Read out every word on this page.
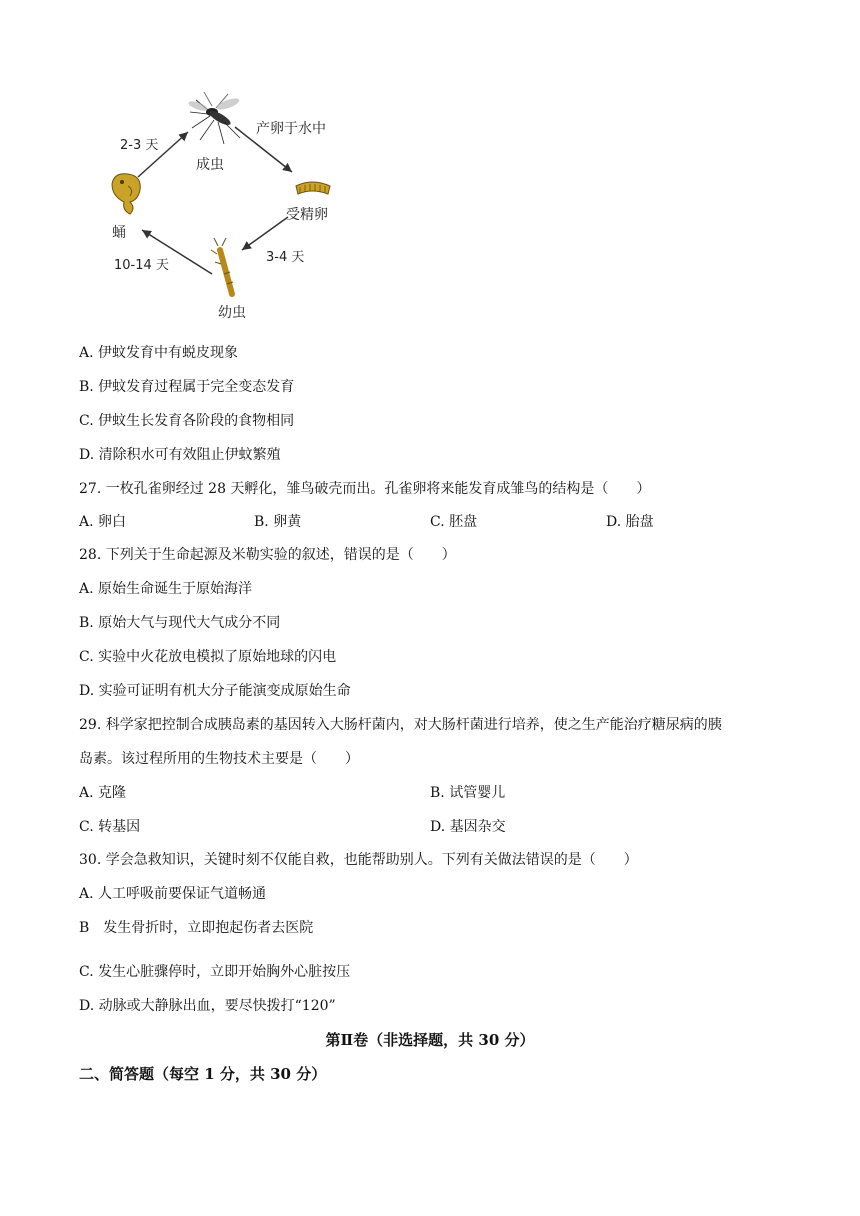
成虫
受精卵
幼虫
蛹
产卵于水中
3-4 天
10-14 天
2-3 天
A. 伊蚊发育中有蜕皮现象
B. 伊蚊发育过程属于完全变态发育
C. 伊蚊生长发育各阶段的食物相同
D. 清除积水可有效阻止伊蚊繁殖
27. 一枚孔雀卵经过 28 天孵化，雏鸟破壳而出。孔雀卵将来能发育成雏鸟的结构是（　　）
A. 卵白	B. 卵黄	C. 胚盘	D. 胎盘
28. 下列关于生命起源及米勒实验的叙述，错误的是（　　）
A. 原始生命诞生于原始海洋
B. 原始大气与现代大气成分不同
C. 实验中火花放电模拟了原始地球的闪电
D. 实验可证明有机大分子能演变成原始生命
29. 科学家把控制合成胰岛素的基因转入大肠杆菌内，对大肠杆菌进行培养，使之生产能治疗糖尿病的胰
岛素。该过程所用的生物技术主要是（　　）
A. 克隆	B. 试管婴儿
C. 转基因	D. 基因杂交
30. 学会急救知识，关键时刻不仅能自救，也能帮助别人。下列有关做法错误的是（　　）
A. 人工呼吸前要保证气道畅通
B　发生骨折时，立即抱起伤者去医院
C. 发生心脏骤停时，立即开始胸外心脏按压
D. 动脉或大静脉出血，要尽快拨打“120”
第Ⅱ卷（非选择题，共 30 分）
二、简答题（每空 1 分，共 30 分）
